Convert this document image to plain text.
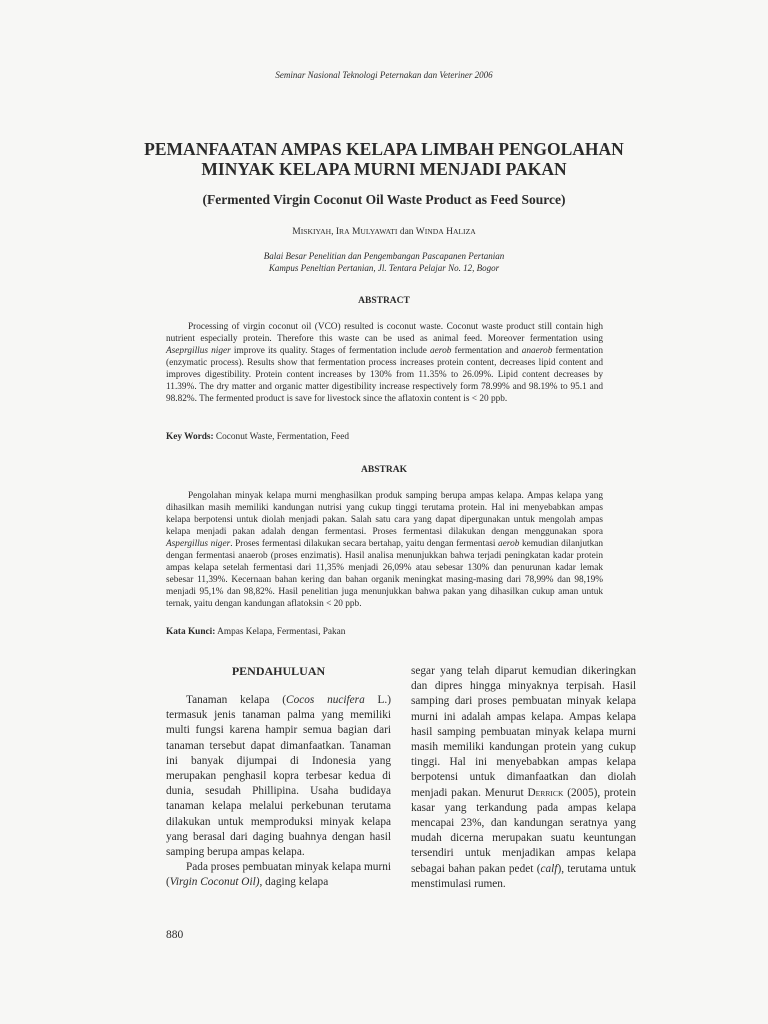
Seminar Nasional Teknologi Peternakan dan Veteriner 2006
PEMANFAATAN AMPAS KELAPA LIMBAH PENGOLAHAN
MINYAK KELAPA MURNI MENJADI PAKAN
(Fermented Virgin Coconut Oil Waste Product as Feed Source)
MISKIYAH, IRA MULYAWATI dan WINDA HALIZA
Balai Besar Penelitian dan Pengembangan Pascapanen Pertanian
Kampus Peneltian Pertanian, Jl. Tentara Pelajar No. 12, Bogor
ABSTRACT

Processing of virgin coconut oil (VCO) resulted is coconut waste. Coconut waste product still contain high nutrient especially protein. Therefore this waste can be used as animal feed. Moreover fermentation using Aseprgillus niger improve its quality. Stages of fermentation include aerob fermentation and anaerob fermentation (enzymatic process). Results show that fermentation process increases protein content, decreases lipid content and improves digestibility. Protein content increases by 130% from 11.35% to 26.09%. Lipid content decreases by 11.39%. The dry matter and organic matter digestibility increase respectively form 78.99% and 98.19% to 95.1 and 98.82%. The fermented product is save for livestock since the aflatoxin content is < 20 ppb.

Key Words: Coconut Waste, Fermentation, Feed

ABSTRAK

Pengolahan minyak kelapa murni menghasilkan produk samping berupa ampas kelapa. Ampas kelapa yang dihasilkan masih memiliki kandungan nutrisi yang cukup tinggi terutama protein. Hal ini menyebabkan ampas kelapa berpotensi untuk diolah menjadi pakan. Salah satu cara yang dapat dipergunakan untuk mengolah ampas kelapa menjadi pakan adalah dengan fermentasi. Proses fermentasi dilakukan dengan menggunakan spora Aspergillus niger. Proses fermentasi dilakukan secara bertahap, yaitu dengan fermentasi aerob kemudian dilanjutkan dengan fermentasi anaerob (proses enzimatis). Hasil analisa menunjukkan bahwa terjadi peningkatan kadar protein ampas kelapa setelah fermentasi dari 11,35% menjadi 26,09% atau sebesar 130% dan penurunan kadar lemak sebesar 11,39%. Kecernaan bahan kering dan bahan organik meningkat masing-masing dari 78,99% dan 98,19% menjadi 95,1% dan 98,82%. Hasil penelitian juga menunjukkan bahwa pakan yang dihasilkan cukup aman untuk ternak, yaitu dengan kandungan aflatoksin < 20 ppb.

Kata Kunci: Ampas Kelapa, Fermentasi, Pakan

PENDAHULUAN

Tanaman kelapa (Cocos nucifera L.) termasuk jenis tanaman palma yang memiliki multi fungsi karena hampir semua bagian dari tanaman tersebut dapat dimanfaatkan. Tanaman ini banyak dijumpai di Indonesia yang merupakan penghasil kopra terbesar kedua di dunia, sesudah Phillipina. Usaha budidaya tanaman kelapa melalui perkebunan terutama dilakukan untuk memproduksi minyak kelapa yang berasal dari daging buahnya dengan hasil samping berupa ampas kelapa.

Pada proses pembuatan minyak kelapa murni (Virgin Coconut Oil), daging kelapa

segar yang telah diparut kemudian dikeringkan dan dipres hingga minyaknya terpisah. Hasil samping dari proses pembuatan minyak kelapa murni ini adalah ampas kelapa. Ampas kelapa hasil samping pembuatan minyak kelapa murni masih memiliki kandungan protein yang cukup tinggi. Hal ini menyebabkan ampas kelapa berpotensi untuk dimanfaatkan dan diolah menjadi pakan. Menurut DERRICK (2005), protein kasar yang terkandung pada ampas kelapa mencapai 23%, dan kandungan seratnya yang mudah dicerna merupakan suatu keuntungan tersendiri untuk menjadikan ampas kelapa sebagai bahan pakan pedet (calf), terutama untuk menstimulasi rumen.

880
